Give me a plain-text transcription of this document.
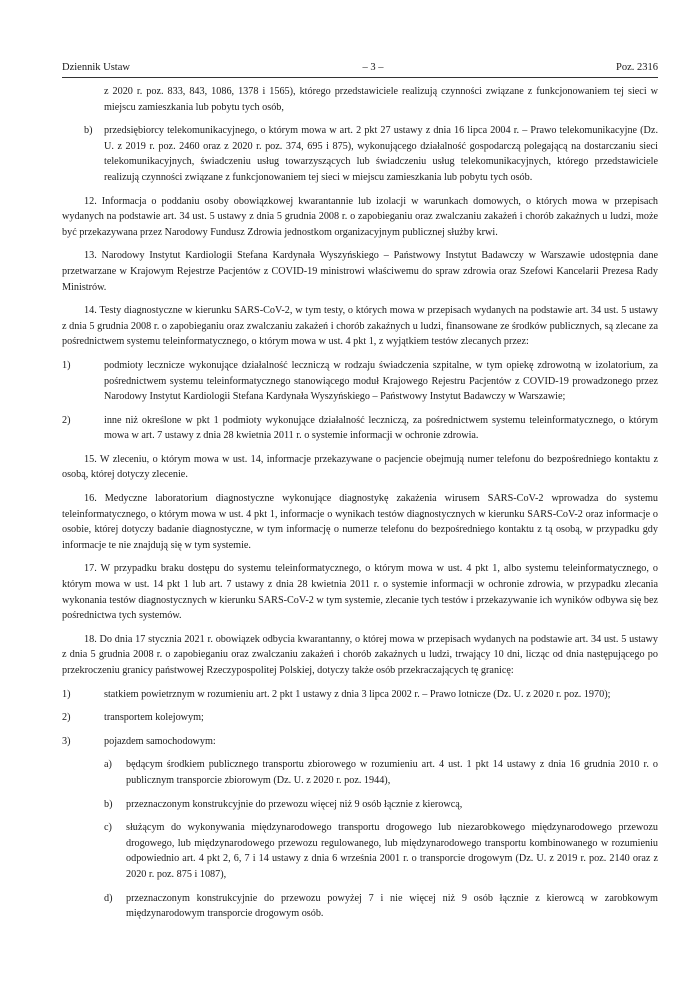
Dziennik Ustaw	– 3 –	Poz. 2316

z 2020 r. poz. 833, 843, 1086, 1378 i 1565), którego przedstawiciele realizują czynności związane z funkcjonowaniem tej sieci w miejscu zamieszkania lub pobytu tych osób,

b) przedsiębiorcy telekomunikacyjnego, o którym mowa w art. 2 pkt 27 ustawy z dnia 16 lipca 2004 r. – Prawo telekomunikacyjne (Dz. U. z 2019 r. poz. 2460 oraz z 2020 r. poz. 374, 695 i 875), wykonującego działalność gospodarczą polegającą na dostarczaniu sieci telekomunikacyjnych, świadczeniu usług towarzyszących lub świadczeniu usług telekomunikacyjnych, którego przedstawiciele realizują czynności związane z funkcjonowaniem tej sieci w miejscu zamieszkania lub pobytu tych osób.

12. Informacja o poddaniu osoby obowiązkowej kwarantannie lub izolacji w warunkach domowych, o których mowa w przepisach wydanych na podstawie art. 34 ust. 5 ustawy z dnia 5 grudnia 2008 r. o zapobieganiu oraz zwalczaniu zakażeń i chorób zakaźnych u ludzi, może być przekazywana przez Narodowy Fundusz Zdrowia jednostkom organizacyjnym publicznej służby krwi.

13. Narodowy Instytut Kardiologii Stefana Kardynała Wyszyńskiego – Państwowy Instytut Badawczy w Warszawie udostępnia dane przetwarzane w Krajowym Rejestrze Pacjentów z COVID-19 ministrowi właściwemu do spraw zdrowia oraz Szefowi Kancelarii Prezesa Rady Ministrów.

14. Testy diagnostyczne w kierunku SARS-CoV-2, w tym testy, o których mowa w przepisach wydanych na podstawie art. 34 ust. 5 ustawy z dnia 5 grudnia 2008 r. o zapobieganiu oraz zwalczaniu zakażeń i chorób zakaźnych u ludzi, finansowane ze środków publicznych, są zlecane za pośrednictwem systemu teleinformatycznego, o którym mowa w ust. 4 pkt 1, z wyjątkiem testów zlecanych przez:

1)	podmioty lecznicze wykonujące działalność leczniczą w rodzaju świadczenia szpitalne, w tym opiekę zdrowotną w izolatorium, za pośrednictwem systemu teleinformatycznego stanowiącego moduł Krajowego Rejestru Pacjentów z COVID-19 prowadzonego przez Narodowy Instytut Kardiologii Stefana Kardynała Wyszyńskiego – Państwowy Instytut Badawczy w Warszawie;

2)	inne niż określone w pkt 1 podmioty wykonujące działalność leczniczą, za pośrednictwem systemu teleinformatycznego, o którym mowa w art. 7 ustawy z dnia 28 kwietnia 2011 r. o systemie informacji w ochronie zdrowia.

15. W zleceniu, o którym mowa w ust. 14, informacje przekazywane o pacjencie obejmują numer telefonu do bezpośredniego kontaktu z osobą, której dotyczy zlecenie.

16. Medyczne laboratorium diagnostyczne wykonujące diagnostykę zakażenia wirusem SARS-CoV-2 wprowadza do systemu teleinformatycznego, o którym mowa w ust. 4 pkt 1, informacje o wynikach testów diagnostycznych w kierunku SARS-CoV-2 oraz informacje o osobie, której dotyczy badanie diagnostyczne, w tym informację o numerze telefonu do bezpośredniego kontaktu z tą osobą, w przypadku gdy informacje te nie znajdują się w tym systemie.

17. W przypadku braku dostępu do systemu teleinformatycznego, o którym mowa w ust. 4 pkt 1, albo systemu teleinformatycznego, o którym mowa w ust. 14 pkt 1 lub art. 7 ustawy z dnia 28 kwietnia 2011 r. o systemie informacji w ochronie zdrowia, w przypadku zlecania wykonania testów diagnostycznych w kierunku SARS-CoV-2 w tym systemie, zlecanie tych testów i przekazywanie ich wyników odbywa się bez pośrednictwa tych systemów.

18. Do dnia 17 stycznia 2021 r. obowiązek odbycia kwarantanny, o której mowa w przepisach wydanych na podstawie art. 34 ust. 5 ustawy z dnia 5 grudnia 2008 r. o zapobieganiu oraz zwalczaniu zakażeń i chorób zakaźnych u ludzi, trwający 10 dni, licząc od dnia następującego po przekroczeniu granicy państwowej Rzeczypospolitej Polskiej, dotyczy także osób przekraczających tę granicę:

1)	statkiem powietrznym w rozumieniu art. 2 pkt 1 ustawy z dnia 3 lipca 2002 r. – Prawo lotnicze (Dz. U. z 2020 r. poz. 1970);

2)	transportem kolejowym;

3)	pojazdem samochodowym:

a) będącym środkiem publicznego transportu zbiorowego w rozumieniu art. 4 ust. 1 pkt 14 ustawy z dnia 16 grudnia 2010 r. o publicznym transporcie zbiorowym (Dz. U. z 2020 r. poz. 1944),

b) przeznaczonym konstrukcyjnie do przewozu więcej niż 9 osób łącznie z kierowcą,

c) służącym do wykonywania międzynarodowego transportu drogowego lub niezarobkowego międzynarodowego przewozu drogowego, lub międzynarodowego przewozu regulowanego, lub międzynarodowego transportu kombinowanego w rozumieniu odpowiednio art. 4 pkt 2, 6, 7 i 14 ustawy z dnia 6 września 2001 r. o transporcie drogowym (Dz. U. z 2019 r. poz. 2140 oraz z 2020 r. poz. 875 i 1087),

d) przeznaczonym konstrukcyjnie do przewozu powyżej 7 i nie więcej niż 9 osób łącznie z kierowcą w zarobkowym międzynarodowym transporcie drogowym osób.
